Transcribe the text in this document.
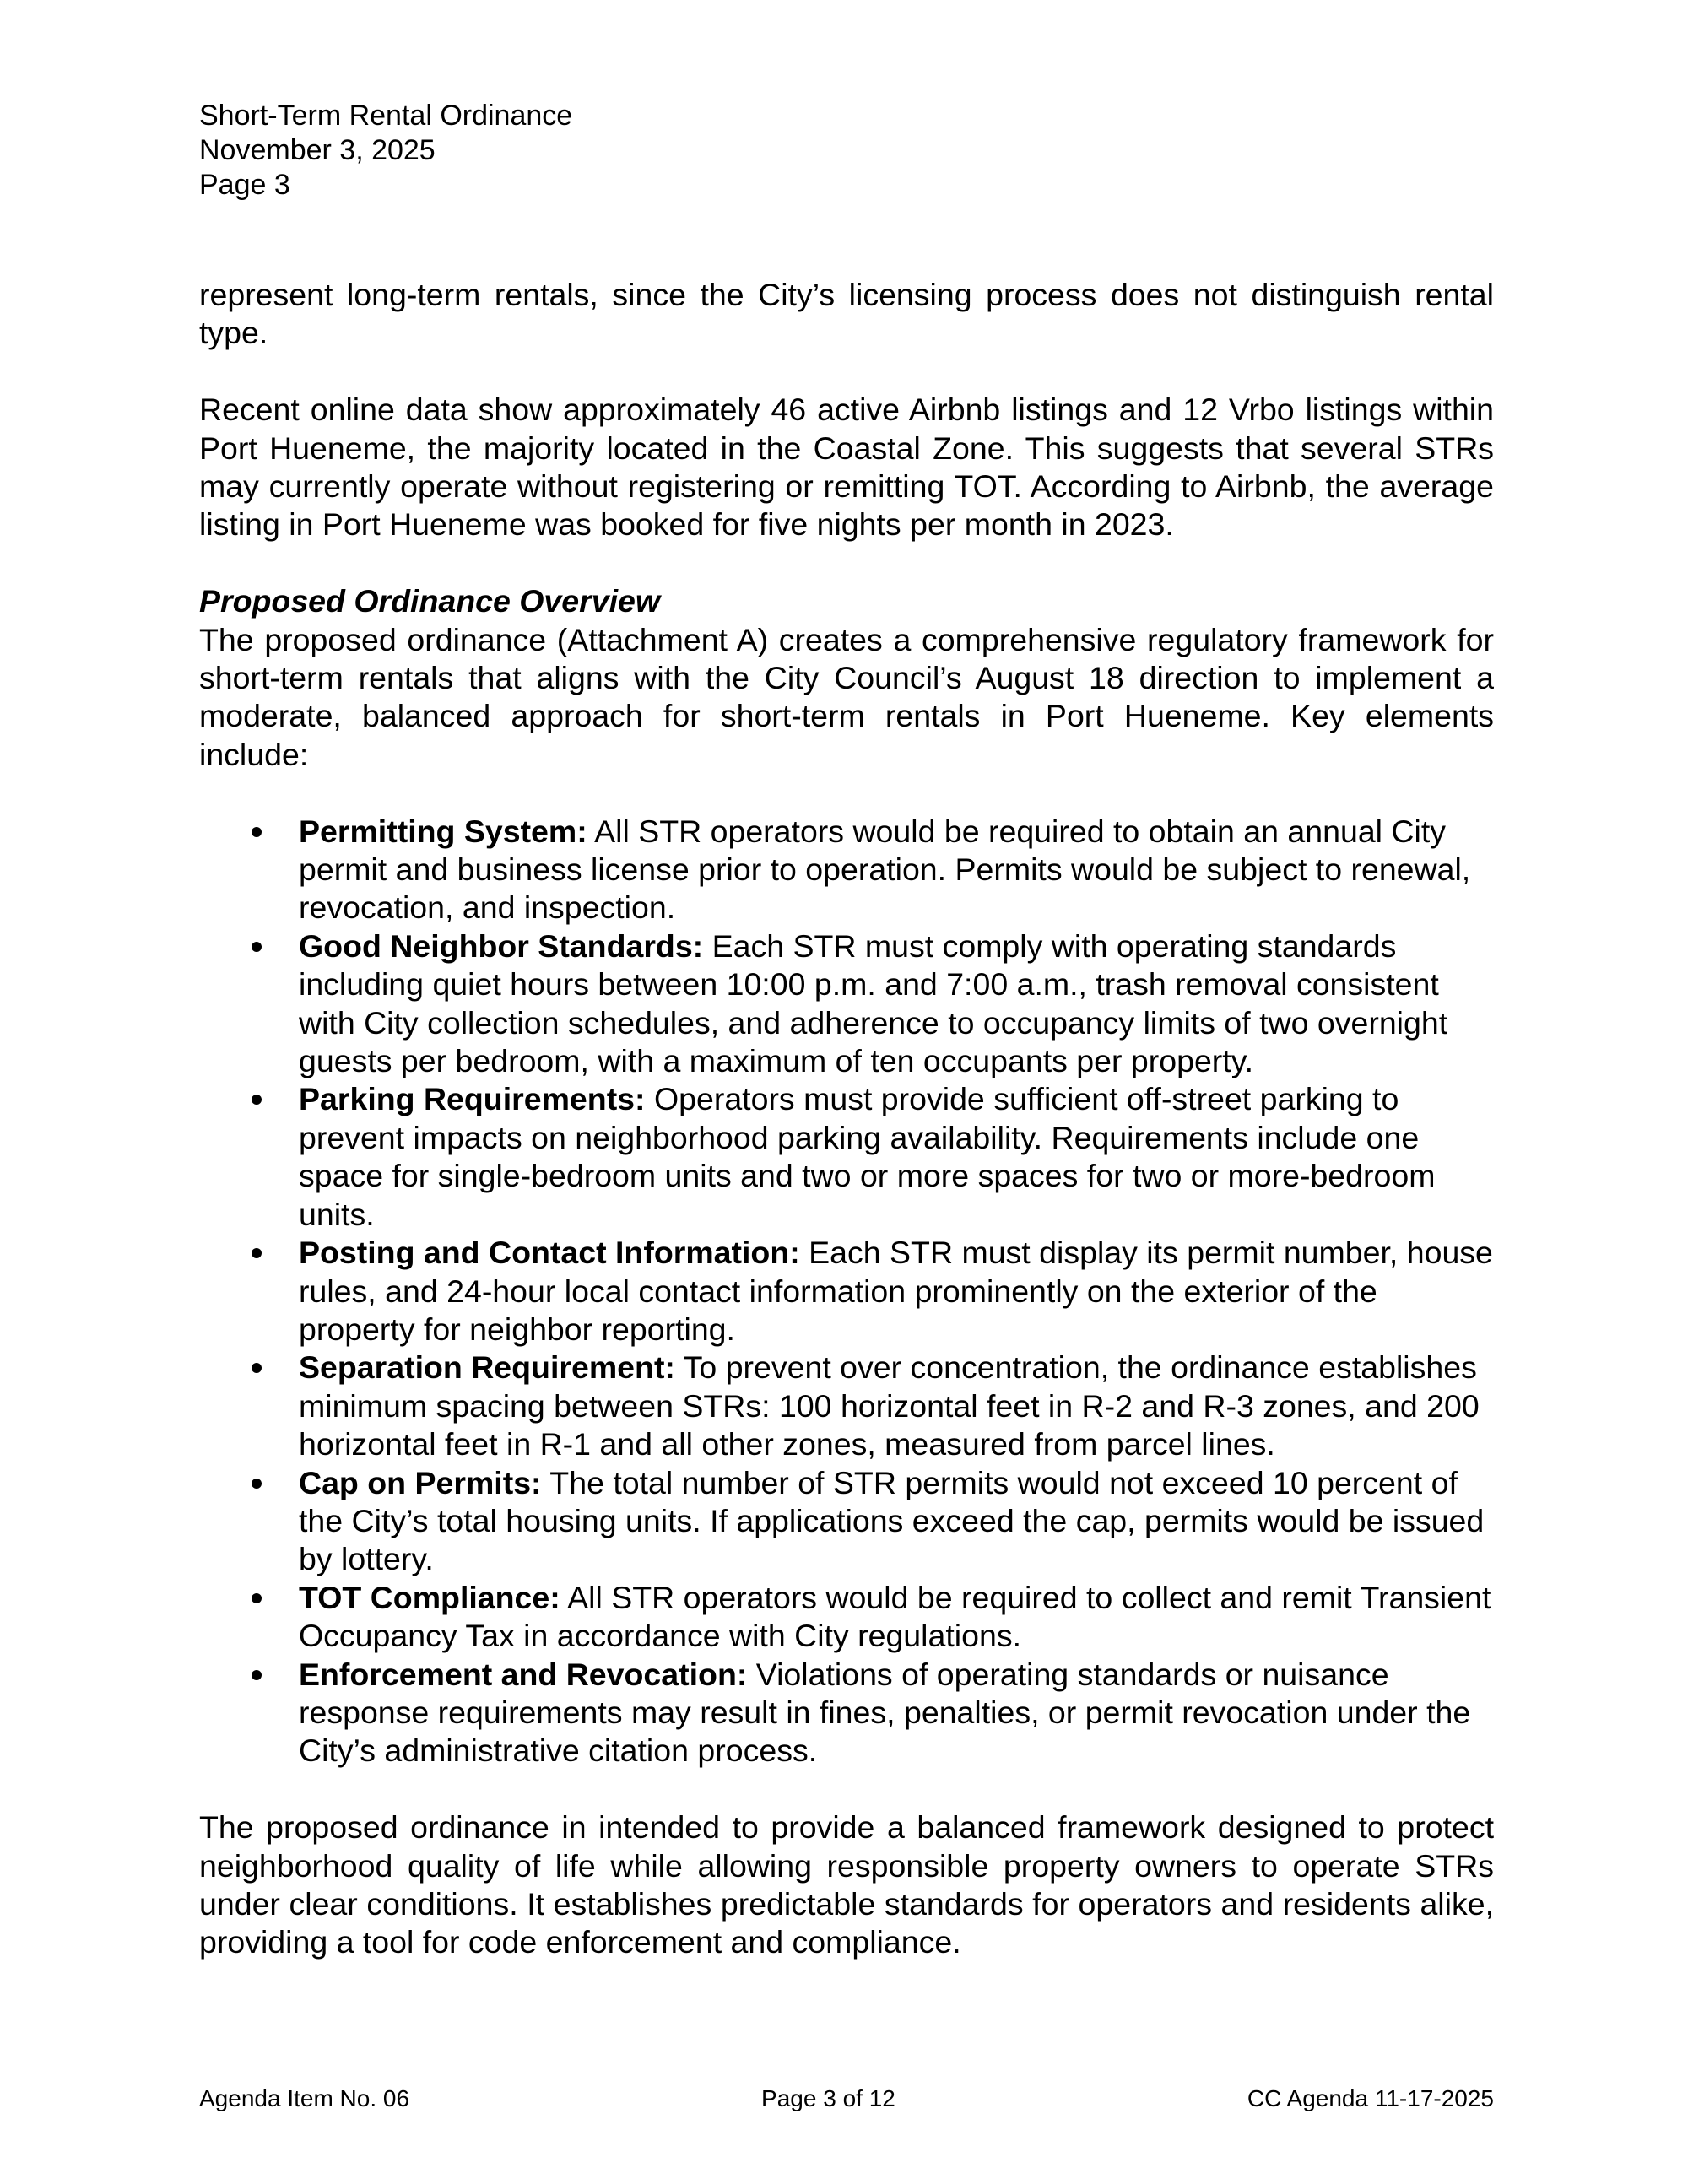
Short-Term Rental Ordinance
November 3, 2025
Page 3

represent long-term rentals, since the City’s licensing process does not distinguish rental type.

Recent online data show approximately 46 active Airbnb listings and 12 Vrbo listings within Port Hueneme, the majority located in the Coastal Zone. This suggests that several STRs may currently operate without registering or remitting TOT. According to Airbnb, the average listing in Port Hueneme was booked for five nights per month in 2023.

Proposed Ordinance Overview

The proposed ordinance (Attachment A) creates a comprehensive regulatory framework for short-term rentals that aligns with the City Council’s August 18 direction to implement a moderate, balanced approach for short-term rentals in Port Hueneme. Key elements include:

Permitting System: All STR operators would be required to obtain an annual City permit and business license prior to operation. Permits would be subject to renewal, revocation, and inspection.
Good Neighbor Standards: Each STR must comply with operating standards including quiet hours between 10:00 p.m. and 7:00 a.m., trash removal consistent with City collection schedules, and adherence to occupancy limits of two overnight guests per bedroom, with a maximum of ten occupants per property.
Parking Requirements: Operators must provide sufficient off-street parking to prevent impacts on neighborhood parking availability. Requirements include one space for single-bedroom units and two or more spaces for two or more-bedroom units.
Posting and Contact Information: Each STR must display its permit number, house rules, and 24-hour local contact information prominently on the exterior of the property for neighbor reporting.
Separation Requirement: To prevent over concentration, the ordinance establishes minimum spacing between STRs: 100 horizontal feet in R-2 and R-3 zones, and 200 horizontal feet in R-1 and all other zones, measured from parcel lines.
Cap on Permits: The total number of STR permits would not exceed 10 percent of the City’s total housing units. If applications exceed the cap, permits would be issued by lottery.
TOT Compliance: All STR operators would be required to collect and remit Transient Occupancy Tax in accordance with City regulations.
Enforcement and Revocation: Violations of operating standards or nuisance response requirements may result in fines, penalties, or permit revocation under the City’s administrative citation process.

The proposed ordinance in intended to provide a balanced framework designed to protect neighborhood quality of life while allowing responsible property owners to operate STRs under clear conditions. It establishes predictable standards for operators and residents alike, providing a tool for code enforcement and compliance.

Agenda Item No. 06	Page 3 of 12	CC Agenda 11-17-2025
